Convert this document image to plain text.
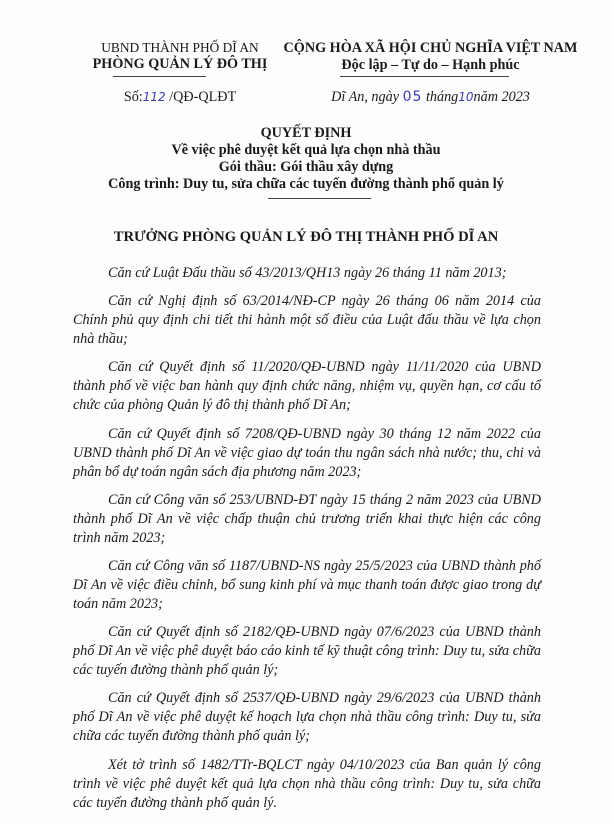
UBND THÀNH PHỐ DĨ AN
PHÒNG QUẢN LÝ ĐÔ THỊ
CỘNG HÒA XÃ HỘI CHỦ NGHĨA VIỆT NAM
Độc lập – Tự do – Hạnh phúc
Số:112 /QĐ-QLĐT	Dĩ An, ngày 05 tháng10năm 2023
QUYẾT ĐỊNH
Về việc phê duyệt kết quả lựa chọn nhà thầu
Gói thầu: Gói thầu xây dựng
Công trình: Duy tu, sửa chữa các tuyến đường thành phố quản lý
TRƯỞNG PHÒNG QUẢN LÝ ĐÔ THỊ THÀNH PHỐ DĨ AN

Căn cứ Luật Đấu thầu số 43/2013/QH13 ngày 26 tháng 11 năm 2013;

Căn cứ Nghị định số 63/2014/NĐ-CP ngày 26 tháng 06 năm 2014 của Chính phủ quy định chi tiết thi hành một số điều của Luật đấu thầu về lựa chọn nhà thầu;

Căn cứ Quyết định số 11/2020/QĐ-UBND ngày 11/11/2020 của UBND thành phố về việc ban hành quy định chức năng, nhiệm vụ, quyền hạn, cơ cấu tổ chức của phòng Quản lý đô thị thành phố Dĩ An;

Căn cứ Quyết định số 7208/QĐ-UBND ngày 30 tháng 12 năm 2022 của UBND thành phố Dĩ An về việc giao dự toán thu ngân sách nhà nước; thu, chi và phân bổ dự toán ngân sách địa phương năm 2023;

Căn cứ Công văn số 253/UBND-ĐT ngày 15 tháng 2 năm 2023 của UBND thành phố Dĩ An về việc chấp thuận chủ trương triển khai thực hiện các công trình năm 2023;

Căn cứ Công văn số 1187/UBND-NS ngày 25/5/2023 của UBND thành phố Dĩ An về việc điều chỉnh, bổ sung kinh phí và mục thanh toán được giao trong dự toán năm 2023;

Căn cứ Quyết định số 2182/QĐ-UBND ngày 07/6/2023 của UBND thành phố Dĩ An về việc phê duyệt báo cáo kinh tế kỹ thuật công trình: Duy tu, sửa chữa các tuyến đường thành phố quản lý;

Căn cứ Quyết định số 2537/QĐ-UBND ngày 29/6/2023 của UBND thành phố Dĩ An về việc phê duyệt kế hoạch lựa chọn nhà thầu công trình: Duy tu, sửa chữa các tuyến đường thành phố quản lý;

Xét tờ trình số 1482/TTr-BQLCT ngày 04/10/2023 của Ban quản lý công trình về việc phê duyệt kết quả lựa chọn nhà thầu công trình: Duy tu, sửa chữa các tuyến đường thành phố quản lý.
